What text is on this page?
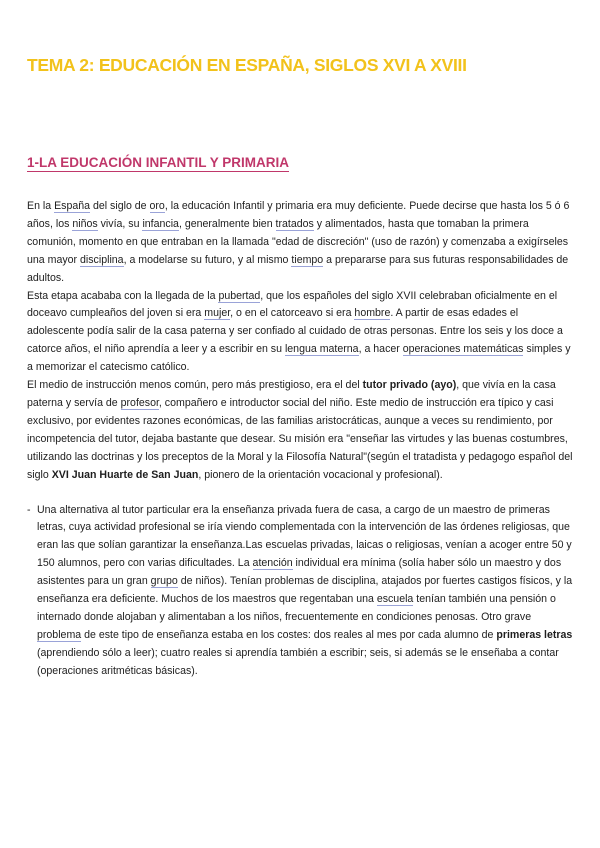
TEMA 2: EDUCACIÓN EN ESPAÑA, SIGLOS XVI A XVIII
1-LA EDUCACIÓN INFANTIL Y PRIMARIA

En la España del siglo de oro, la educación Infantil y primaria era muy deficiente. Puede decirse que hasta los 5 ó 6 años, los niños vivía, su infancia, generalmente bien tratados y alimentados, hasta que tomaban la primera comunión, momento en que entraban en la llamada "edad de discreción" (uso de razón) y comenzaba a exigírseles una mayor disciplina, a modelarse su futuro, y al mismo tiempo a prepararse para sus futuras responsabilidades de adultos.

Esta etapa acababa con la llegada de la pubertad, que los españoles del siglo XVII celebraban oficialmente en el doceavo cumpleaños del joven si era mujer, o en el catorceavo si era hombre. A partir de esas edades el adolescente podía salir de la casa paterna y ser confiado al cuidado de otras personas. Entre los seis y los doce a catorce años, el niño aprendía a leer y a escribir en su lengua materna, a hacer operaciones matemáticas simples y a memorizar el catecismo católico.

El medio de instrucción menos común, pero más prestigioso, era el del tutor privado (ayo), que vivía en la casa paterna y servía de profesor, compañero e introductor social del niño. Este medio de instrucción era típico y casi exclusivo, por evidentes razones económicas, de las familias aristocráticas, aunque a veces su rendimiento, por incompetencia del tutor, dejaba bastante que desear. Su misión era "enseñar las virtudes y las buenas costumbres, utilizando las doctrinas y los preceptos de la Moral y la Filosofía Natural"(según el tratadista y pedagogo español del siglo XVI Juan Huarte de San Juan, pionero de la orientación vocacional y profesional).

- Una alternativa al tutor particular era la enseñanza privada fuera de casa, a cargo de un maestro de primeras letras, cuya actividad profesional se iría viendo complementada con la intervención de las órdenes religiosas, que eran las que solían garantizar la enseñanza.Las escuelas privadas, laicas o religiosas, venían a acoger entre 50 y 150 alumnos, pero con varias dificultades. La atención individual era mínima (solía haber sólo un maestro y dos asistentes para un gran grupo de niños). Tenían problemas de disciplina, atajados por fuertes castigos físicos, y la enseñanza era deficiente. Muchos de los maestros que regentaban una escuela tenían también una pensión o internado donde alojaban y alimentaban a los niños, frecuentemente en condiciones penosas. Otro grave problema de este tipo de enseñanza estaba en los costes: dos reales al mes por cada alumno de primeras letras (aprendiendo sólo a leer); cuatro reales si aprendía también a escribir; seis, si además se le enseñaba a contar (operaciones aritméticas básicas).
